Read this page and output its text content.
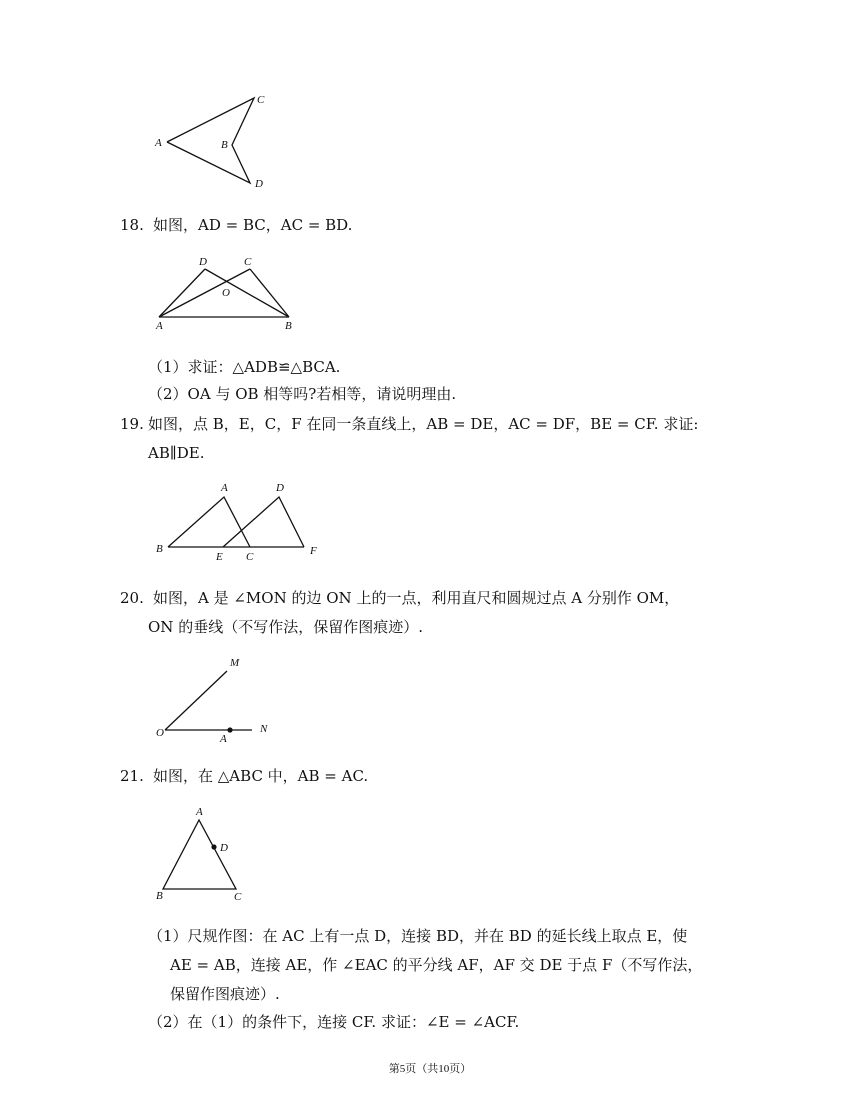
A
C
B
D
18. 如图，AD = BC，AC = BD.
D	C
O
A	B
（1）求证：△ADB≌△BCA.
（2）OA 与 OB 相等吗?若相等，请说明理由.
19. 如图，点 B，E，C，F 在同一条直线上，AB = DE，AC = DF，BE = CF. 求证:
AB∥DE.
A	D
B
E C	F
20. 如图，A 是 ∠MON 的边 ON 上的一点，利用直尺和圆规过点 A 分别作 OM，
ON 的垂线（不写作法，保留作图痕迹）.
M
O	A
N
21. 如图，在 △ABC 中，AB = AC.
A
D
B	C
（1）尺规作图：在 AC 上有一点 D，连接 BD，并在 BD 的延长线上取点 E，使
AE = AB，连接 AE，作 ∠EAC 的平分线 AF，AF 交 DE 于点 F（不写作法，
保留作图痕迹）.
（2）在（1）的条件下，连接 CF. 求证：∠E = ∠ACF.
第5页（共10页）
